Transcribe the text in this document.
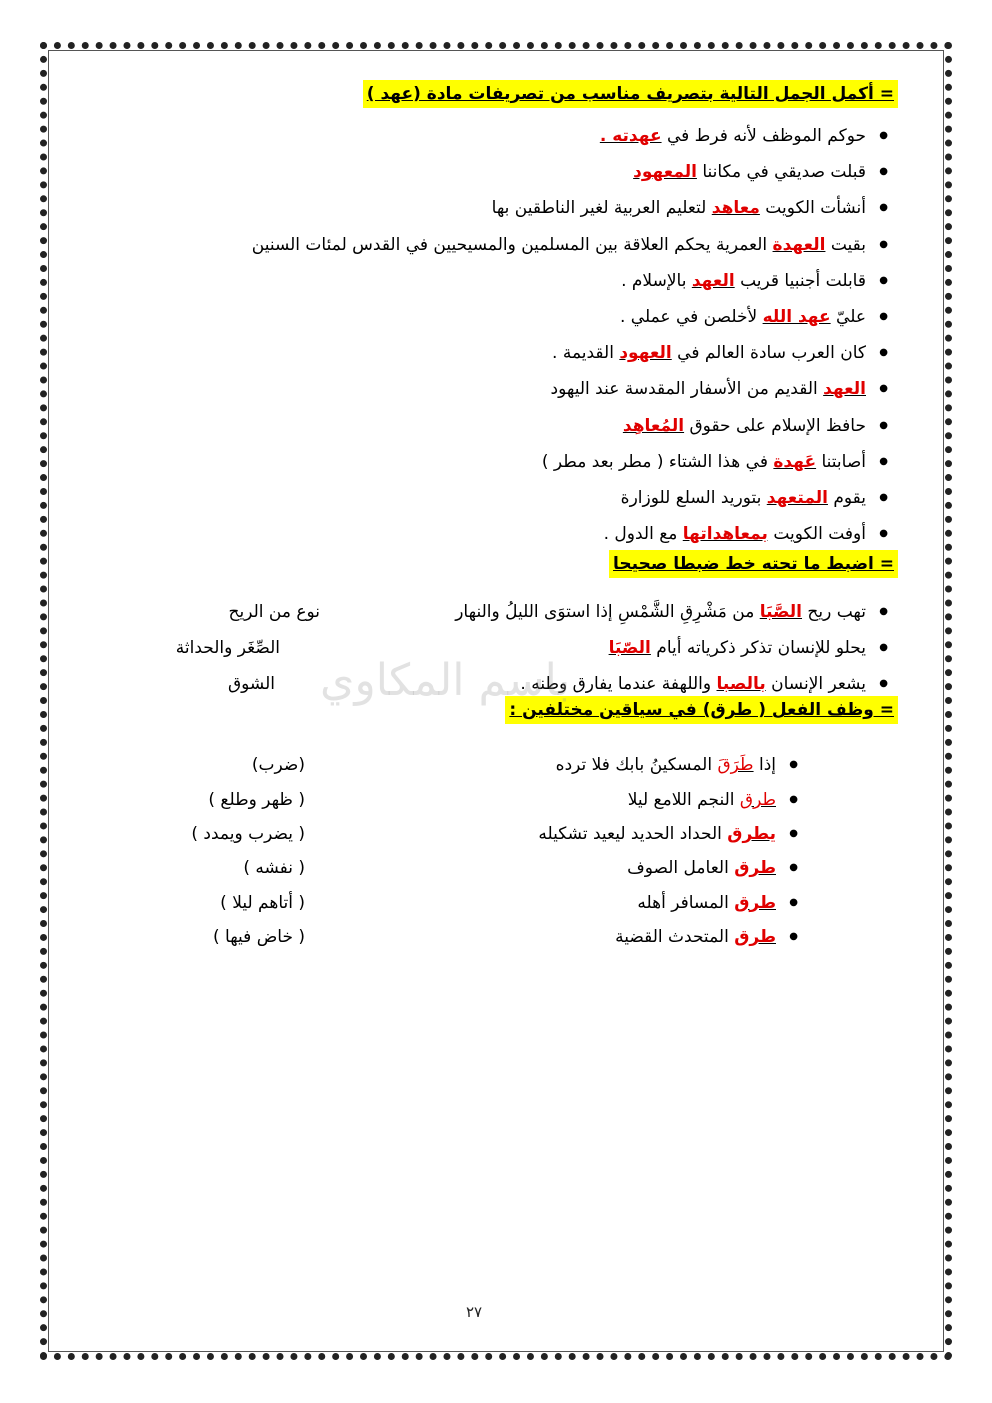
= أكمل الجمل التالية بتصريف مناسب من تصريفات مادة (عهد )
● حوكم الموظف لأنه فرط في عهدته .
● قبلت صديقي في مكاننا المعهود
● أنشأت الكويت معاهد لتعليم العربية لغير الناطقين بها
● بقيت العهدة العمرية يحكم العلاقة بين المسلمين والمسيحيين في القدس لمئات السنين
● قابلت أجنبيا قريب العهد بالإسلام .
● عليّ عهد الله لأخلصن في عملي .
● كان العرب سادة العالم في العهود القديمة .
● العهد القديم من الأسفار المقدسة عند اليهود
● حافظ الإسلام على حقوق المُعاهِد
● أصابتنا عَهدة في هذا الشتاء ( مطر بعد مطر )
● يقوم المتعهد بتوريد السلع للوزارة
● أوفت الكويت بمعاهداتها مع الدول .
= اضبط ما تحته خط ضبطا صحيحا
● تهب ريح الصَّبَا من مَشْرِقِ الشَّمْسِ إذا استوَى الليلُ والنهار
نوع من الريح
● يحلو للإنسان تذكر ذكرياته أيام الصّبَا
الصِّغَر والحداثة
● يشعر الإنسان بالصبا واللهفة عندما يفارق وطنه .
الشوق
= وظف الفعل ( طرق) في سياقين مختلفين :
● إذا طَرَقَ المسكينُ بابك فلا ترده
(ضرب)
● طرق النجم اللامع ليلا
( ظهر وطلع )
● يطرق الحداد الحديد ليعيد تشكيله
( يضرب ويمدد )
● طرق العامل الصوف
( نفشه )
● طرق المسافر أهله
( أتاهم ليلا )
● طرق المتحدث القضية
( خاض فيها )
باسم المكاوي
٢٧
